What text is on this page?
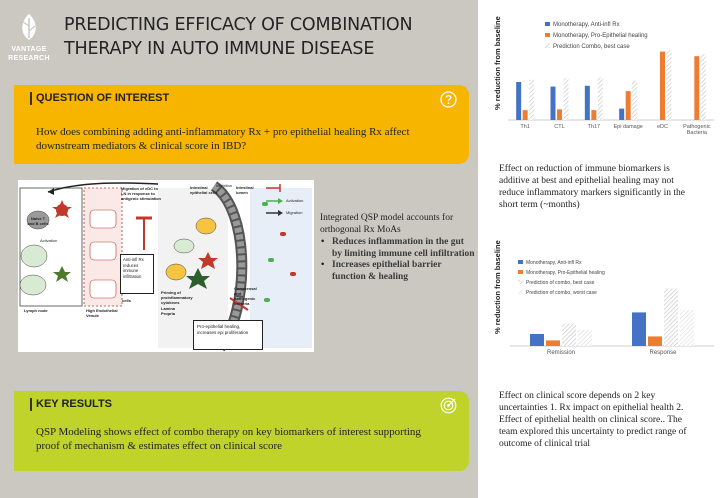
VANTAGE
RESEARCH
PREDICTING EFFICACY OF COMBINATION THERAPY IN AUTO IMMUNE DISEASE
QUESTION OF INTEREST
How does combining adding anti-inflammatory Rx + pro epithelial healing Rx affect downstream mediators & clinical score in IBD?
Inhibition
Activation
Migration
Migration of eDC to LN in response to antigenic stimulation
Intestinal epithelial cells
Intestinal lumen
Lymph node	High Endothelial Venule
cells
Lamina Propria
Priming of proinflammatory cytokines
Commensal and pathogenic bacteria
Naive T and B cells
Activation
Anti-infl Rx reduces immune infiltration
Pro-epithelial healing, increases epi proliferation
Integrated QSP model accounts for orthogonal Rx MoAs
• Reduces inflammation in the gut by limiting immune cell infiltration
• Increases epithelial barrier function & healing
KEY RESULTS
QSP Modeling shows effect of combo therapy on key biomarkers of interest supporting proof of mechanism & estimates effect on clinical score
% reduction from baseline
Th1	CTL	Th17 Epi damage	eDC	Pathogenic Bacteria
Monotherapy, Anti-infl Rx
Monotherapy, Pro-Epithelial healing
Prediction Combo, best case
Effect on reduction of immune biomarkers is additive at best and epithelial healing may not reduce inflammatory markers significantly in the short term (~months)
% reduction from baseline
Remission	Response
Monotherapy, Anti-infl Rx
Monotherapy, Pro-Epithelial healing
Prediction of combo, best case
Prediction of combo, worst case
Effect on clinical score depends on 2 key uncertainties 1. Rx impact on epithelial health 2. Effect of epithelial health on clinical score.. The team explored this uncertainty to predict range of outcome of clinical trial
